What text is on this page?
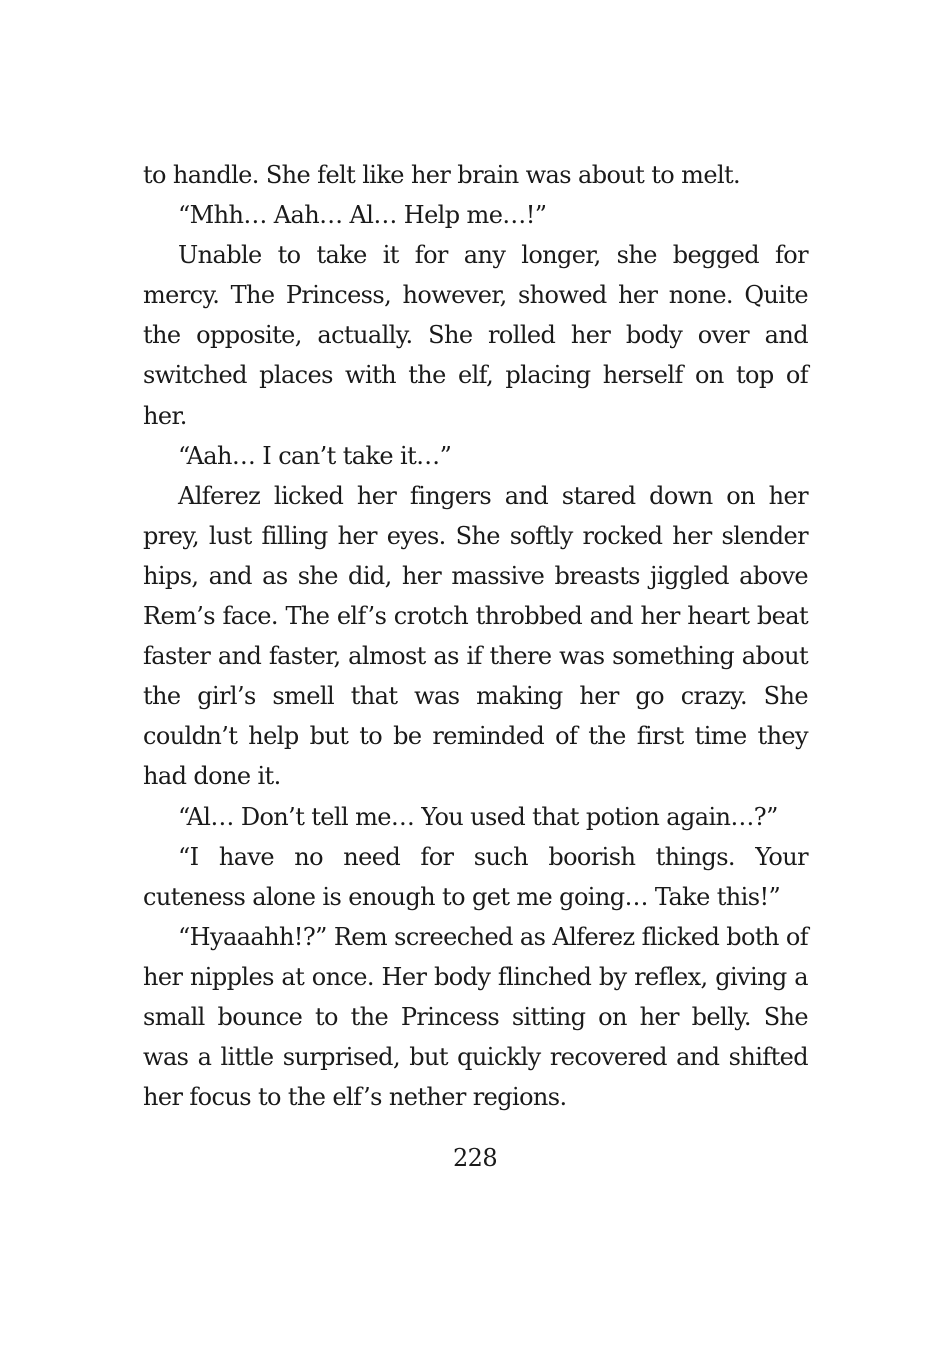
to handle. She felt like her brain was about to melt.

“Mhh… Aah… Al… Help me…!”

Unable to take it for any longer, she begged for mercy. The Princess, however, showed her none. Quite the opposite, actually. She rolled her body over and switched places with the elf, placing herself on top of her.

“Aah… I can’t take it…”

Alferez licked her fingers and stared down on her prey, lust filling her eyes. She softly rocked her slender hips, and as she did, her massive breasts jiggled above Rem’s face. The elf’s crotch throbbed and her heart beat faster and faster, almost as if there was something about the girl’s smell that was making her go crazy. She couldn’t help but to be reminded of the first time they had done it.

“Al… Don’t tell me… You used that potion again…?”

“I have no need for such boorish things. Your cuteness alone is enough to get me going… Take this!”

“Hyaaahh!?” Rem screeched as Alferez flicked both of her nipples at once. Her body flinched by reflex, giving a small bounce to the Princess sitting on her belly. She was a little surprised, but quickly recovered and shifted her focus to the elf’s nether regions.

228
